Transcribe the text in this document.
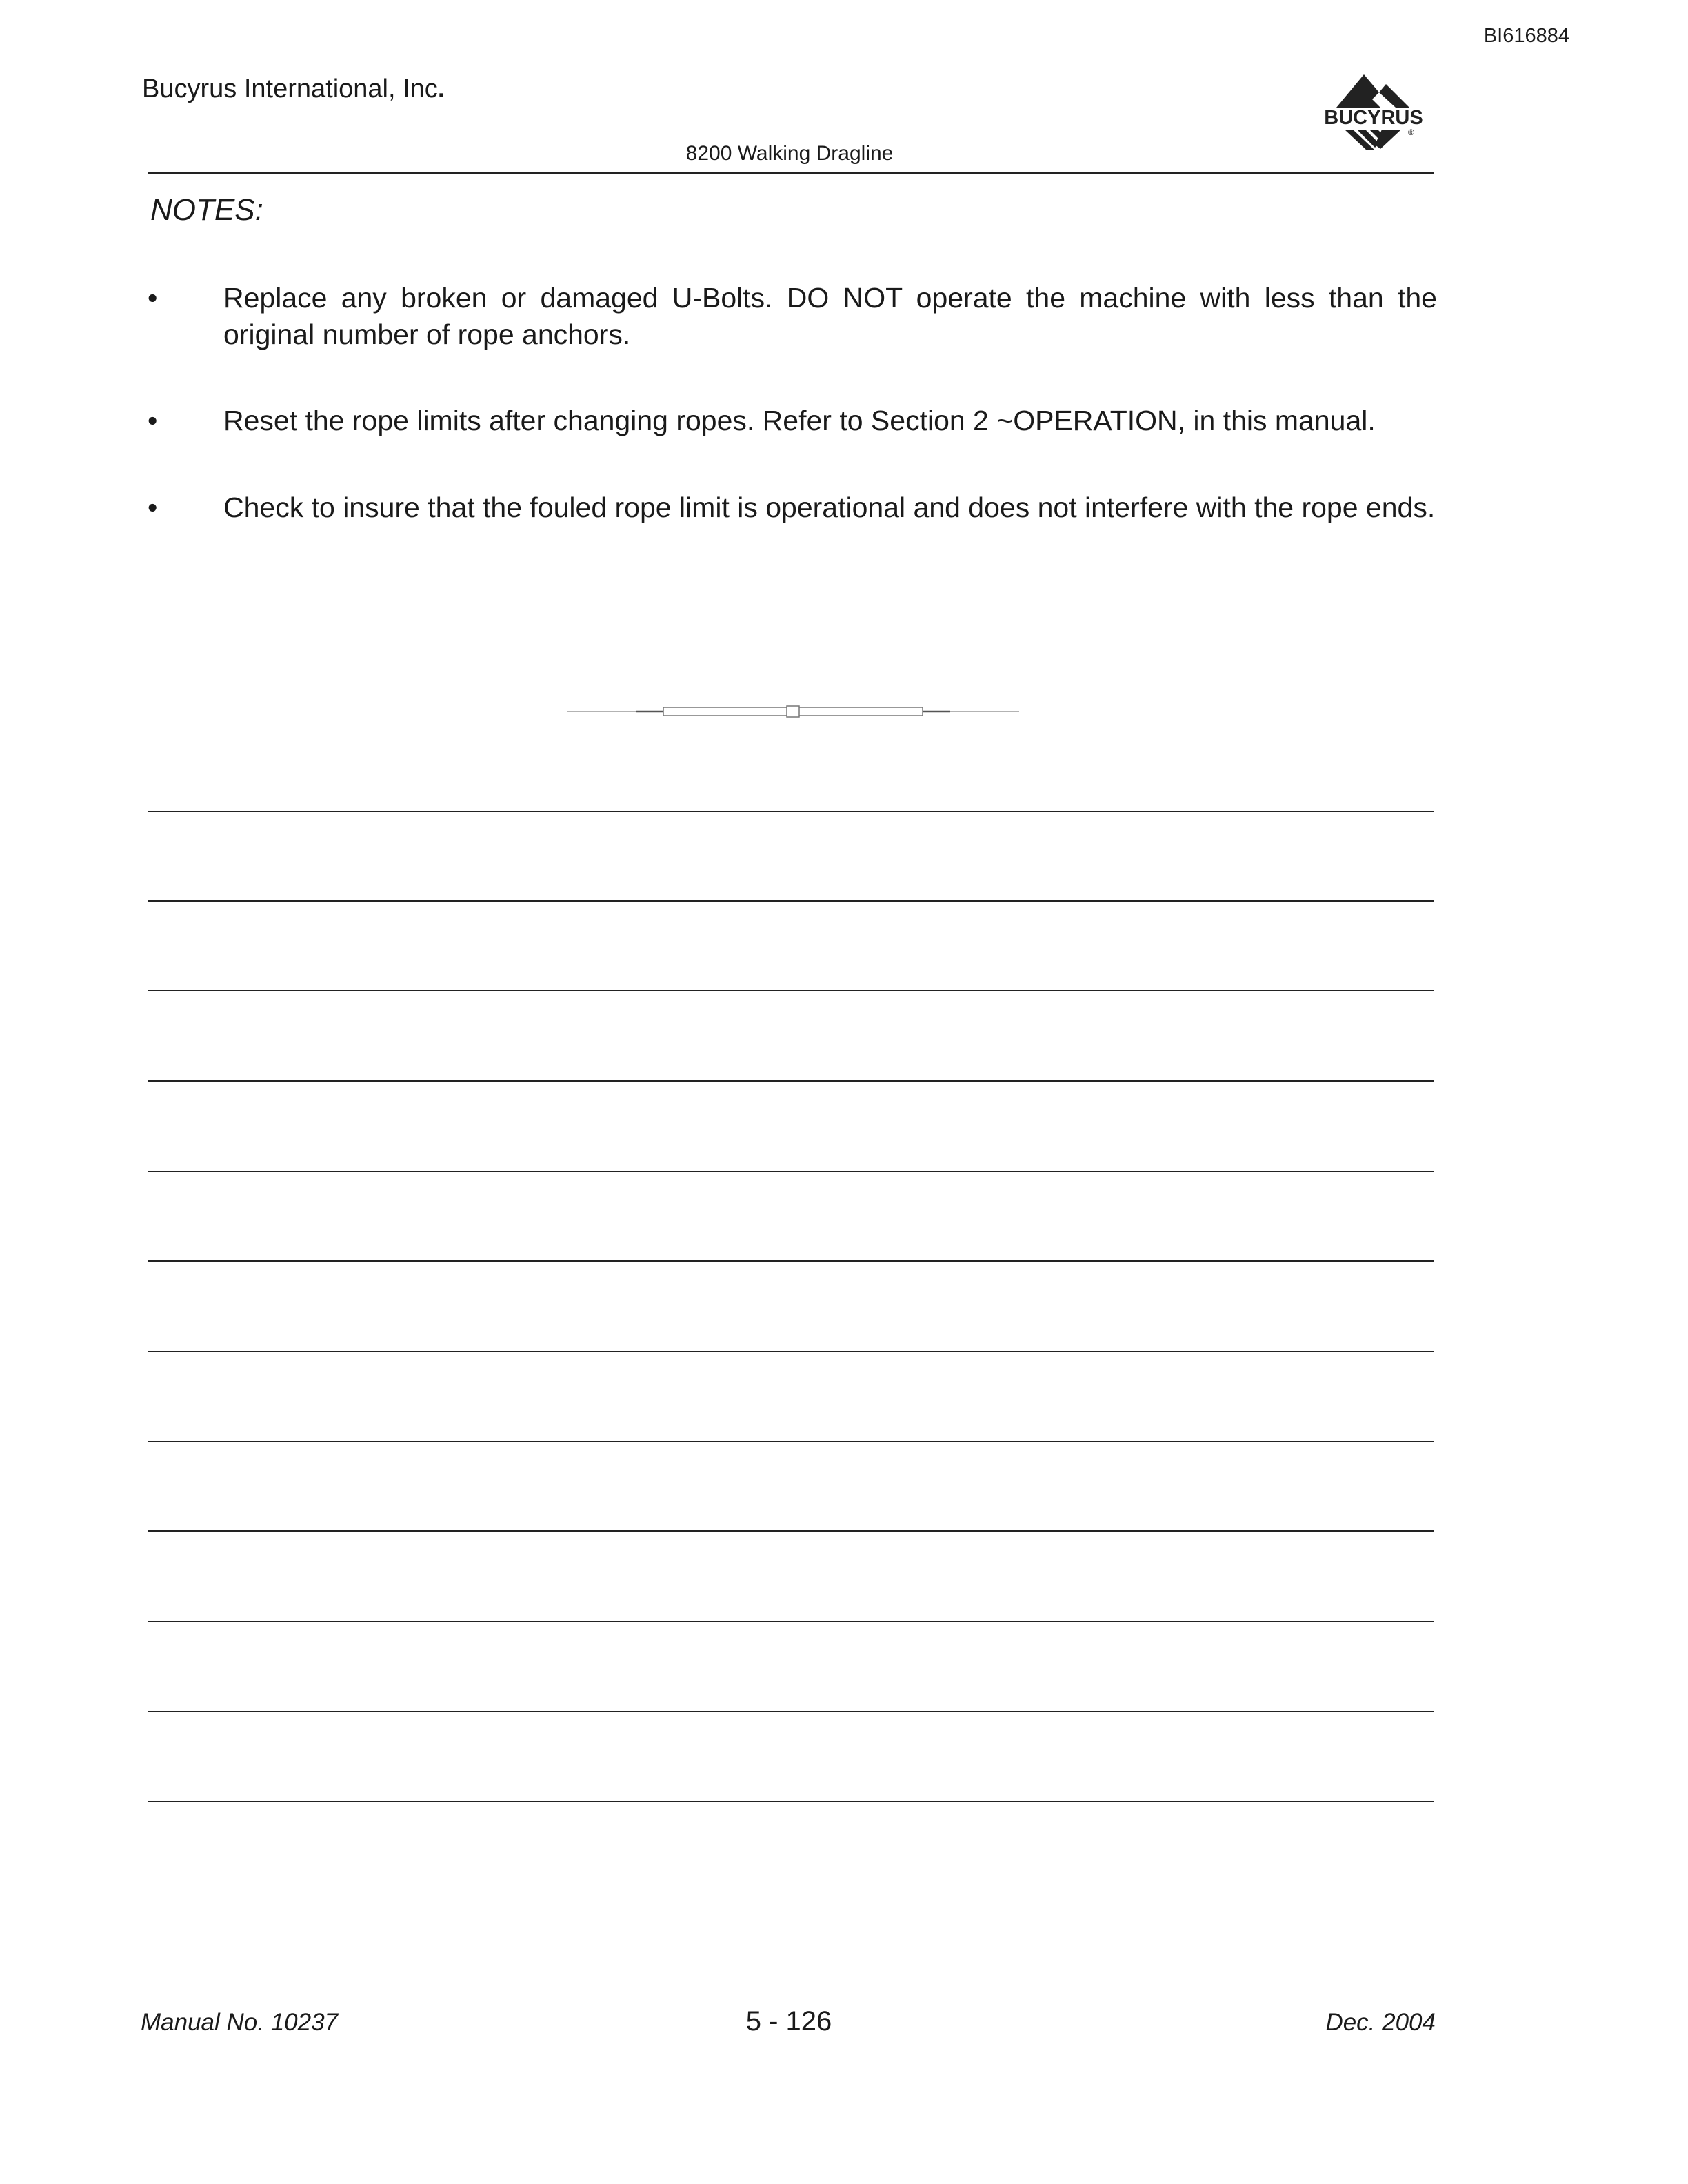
BI616884
Bucyrus International, Inc.
BUCYRUS
®
8200 Walking Dragline
NOTES:
• Replace any broken or damaged U-Bolts. DO NOT operate the machine with less than the original number of rope anchors.
• Reset the rope limits after changing ropes. Refer to Section 2 ~OPERATION, in this manual.
• Check to insure that the fouled rope limit is operational and does not interfere with the rope ends.
Manual No. 10237	5 - 126	Dec. 2004
